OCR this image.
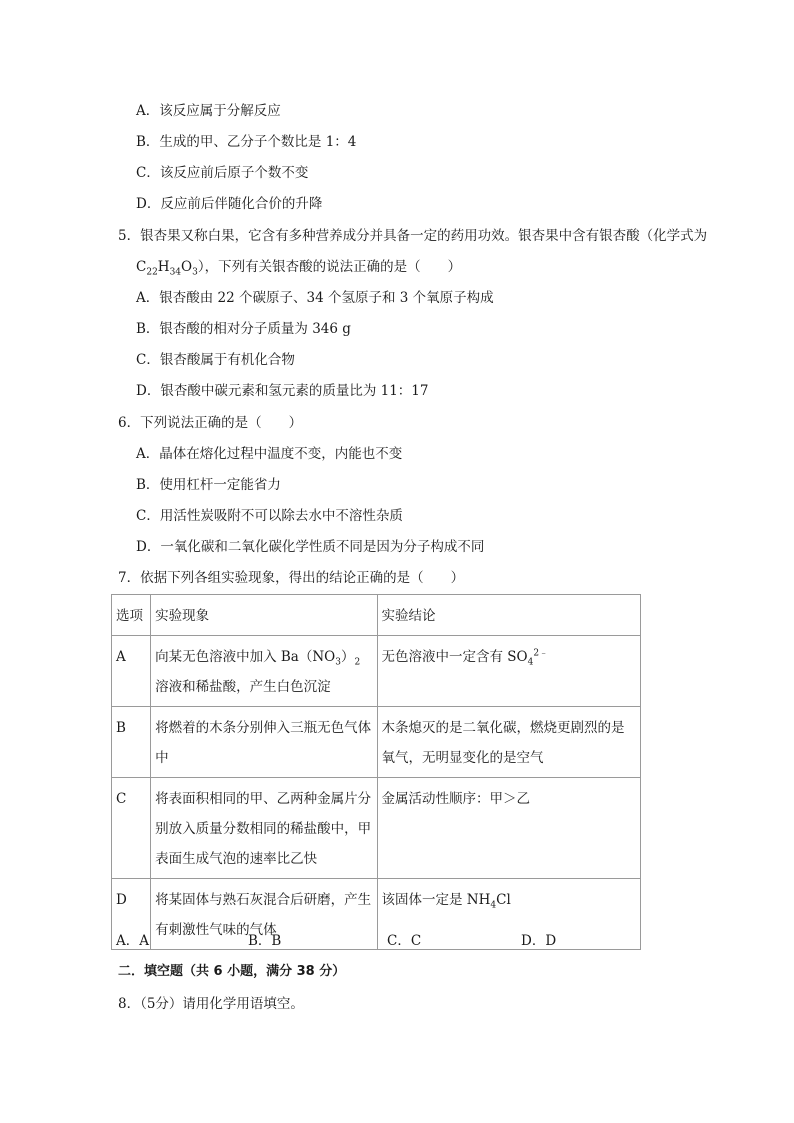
A．该反应属于分解反应
B．生成的甲、乙分子个数比是 1：4
C．该反应前后原子个数不变
D．反应前后伴随化合价的升降
5．银杏果又称白果，它含有多种营养成分并具备一定的药用功效。银杏果中含有银杏酸（化学式为
$C_{22}H_{34}O_3$），下列有关银杏酸的说法正确的是（　　）
A．银杏酸由 22 个碳原子、34 个氢原子和 3 个氧原子构成
B．银杏酸的相对分子质量为 346 g
C．银杏酸属于有机化合物
D．银杏酸中碳元素和氢元素的质量比为 11：17
6．下列说法正确的是（　　）
A．晶体在熔化过程中温度不变，内能也不变
B．使用杠杆一定能省力
C．用活性炭吸附不可以除去水中不溶性杂质
D．一氧化碳和二氧化碳化学性质不同是因为分子构成不同
7．依据下列各组实验现象，得出的结论正确的是（　　）
选项	实验现象	实验结论
A	向某无色溶液中加入 $Ba(NO_3)_2$溶液和稀盐酸，产生白色沉淀	无色溶液中一定含有 $SO_4^{2﹣}$
B	将燃着的木条分别伸入三瓶无色气体中	木条熄灭的是二氧化碳，燃烧更剧烈的是氧气，无明显变化的是空气
C	将表面积相同的甲、乙两种金属片分别放入质量分数相同的稀盐酸中，甲表面生成气泡的速率比乙快	金属活动性顺序：甲＞乙
D	将某固体与熟石灰混合后研磨，产生有刺激性气味的气体	该固体一定是 $NH_4Cl$
A．A	B．B	C．C	D．D
二．填空题（共 6 小题，满分 38 分）
8．（5分）请用化学用语填空。
